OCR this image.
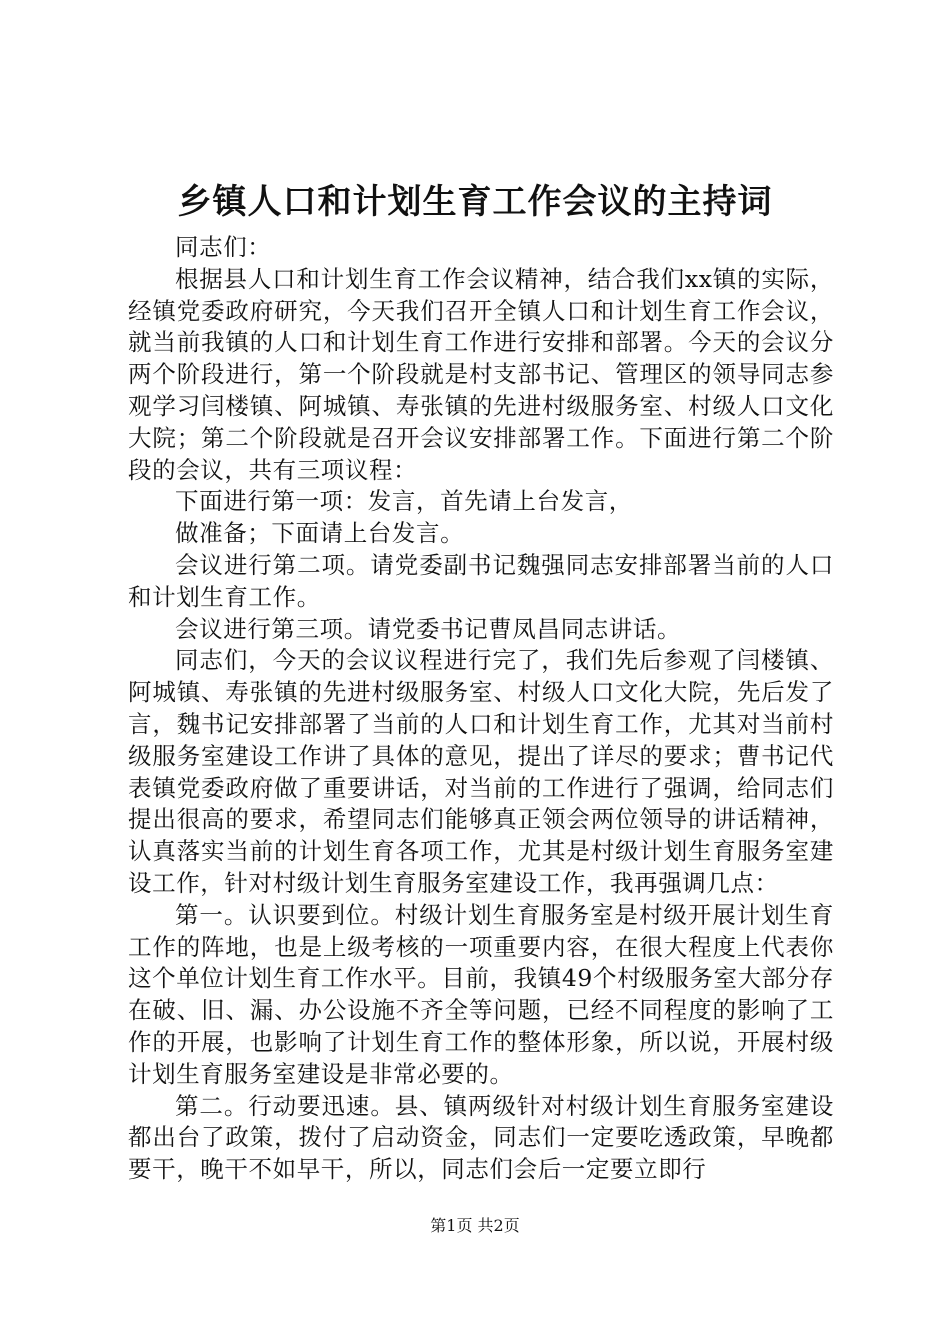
乡镇人口和计划生育工作会议的主持词

同志们：

根据县人口和计划生育工作会议精神，结合我们xx镇的实际，经镇党委政府研究，今天我们召开全镇人口和计划生育工作会议，就当前我镇的人口和计划生育工作进行安排和部署。今天的会议分两个阶段进行，第一个阶段就是村支部书记、管理区的领导同志参观学习闫楼镇、阿城镇、寿张镇的先进村级服务室、村级人口文化大院；第二个阶段就是召开会议安排部署工作。下面进行第二个阶段的会议，共有三项议程：

下面进行第一项：发言，首先请上台发言，

做准备；下面请上台发言。

会议进行第二项。请党委副书记魏强同志安排部署当前的人口和计划生育工作。

会议进行第三项。请党委书记曹凤昌同志讲话。

同志们，今天的会议议程进行完了，我们先后参观了闫楼镇、阿城镇、寿张镇的先进村级服务室、村级人口文化大院，先后发了言，魏书记安排部署了当前的人口和计划生育工作，尤其对当前村级服务室建设工作讲了具体的意见，提出了详尽的要求；曹书记代表镇党委政府做了重要讲话，对当前的工作进行了强调，给同志们提出很高的要求，希望同志们能够真正领会两位领导的讲话精神，认真落实当前的计划生育各项工作，尤其是村级计划生育服务室建设工作，针对村级计划生育服务室建设工作，我再强调几点：

第一。认识要到位。村级计划生育服务室是村级开展计划生育工作的阵地，也是上级考核的一项重要内容，在很大程度上代表你这个单位计划生育工作水平。目前，我镇49个村级服务室大部分存在破、旧、漏、办公设施不齐全等问题，已经不同程度的影响了工作的开展，也影响了计划生育工作的整体形象，所以说，开展村级计划生育服务室建设是非常必要的。

第二。行动要迅速。县、镇两级针对村级计划生育服务室建设都出台了政策，拨付了启动资金，同志们一定要吃透政策，早晚都要干，晚干不如早干，所以，同志们会后一定要立即行

第1页 共2页
